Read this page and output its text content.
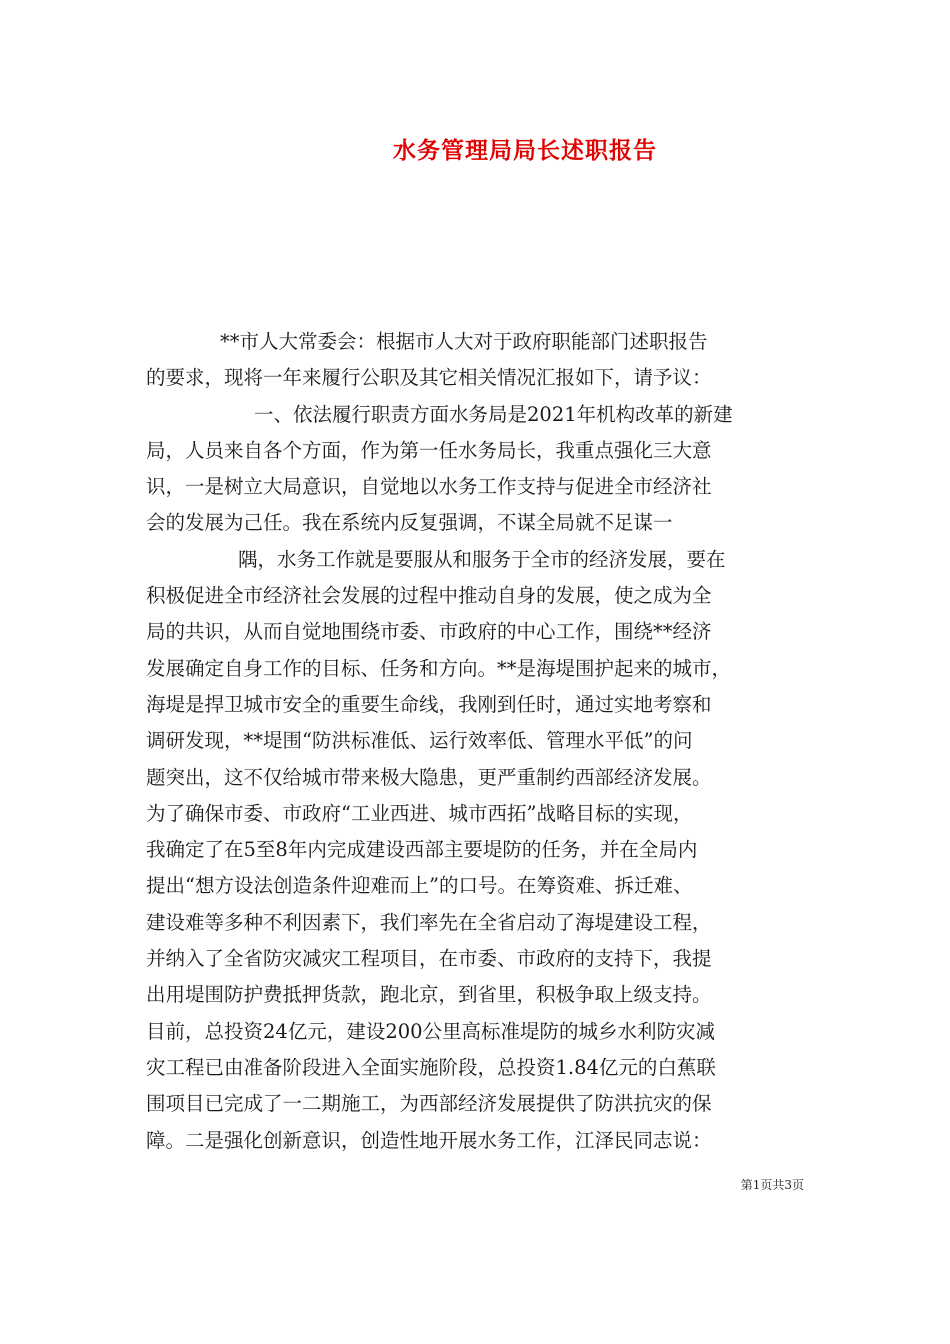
水务管理局局长述职报告
**市人大常委会：根据市人大对于政府职能部门述职报告
的要求，现将一年来履行公职及其它相关情况汇报如下，请予议：
一、依法履行职责方面水务局是2021年机构改革的新建
局，人员来自各个方面，作为第一任水务局长，我重点强化三大意
识，一是树立大局意识，自觉地以水务工作支持与促进全市经济社
会的发展为己任。我在系统内反复强调，不谋全局就不足谋一
隅，水务工作就是要服从和服务于全市的经济发展，要在
积极促进全市经济社会发展的过程中推动自身的发展，使之成为全
局的共识，从而自觉地围绕市委、市政府的中心工作，围绕**经济
发展确定自身工作的目标、任务和方向。**是海堤围护起来的城市，
海堤是捍卫城市安全的重要生命线，我刚到任时，通过实地考察和
调研发现，**堤围“防洪标准低、运行效率低、管理水平低”的问
题突出，这不仅给城市带来极大隐患，更严重制约西部经济发展。
为了确保市委、市政府“工业西进、城市西拓”战略目标的实现，
我确定了在5至8年内完成建设西部主要堤防的任务，并在全局内
提出“想方设法创造条件迎难而上”的口号。在筹资难、拆迁难、
建设难等多种不利因素下，我们率先在全省启动了海堤建设工程，
并纳入了全省防灾减灾工程项目，在市委、市政府的支持下，我提
出用堤围防护费抵押货款，跑北京，到省里，积极争取上级支持。
目前，总投资24亿元，建设200公里高标准堤防的城乡水利防灾减
灾工程已由准备阶段进入全面实施阶段，总投资1.84亿元的白蕉联
围项目已完成了一二期施工，为西部经济发展提供了防洪抗灾的保
障。二是强化创新意识，创造性地开展水务工作，江泽民同志说：
第1页共3页
